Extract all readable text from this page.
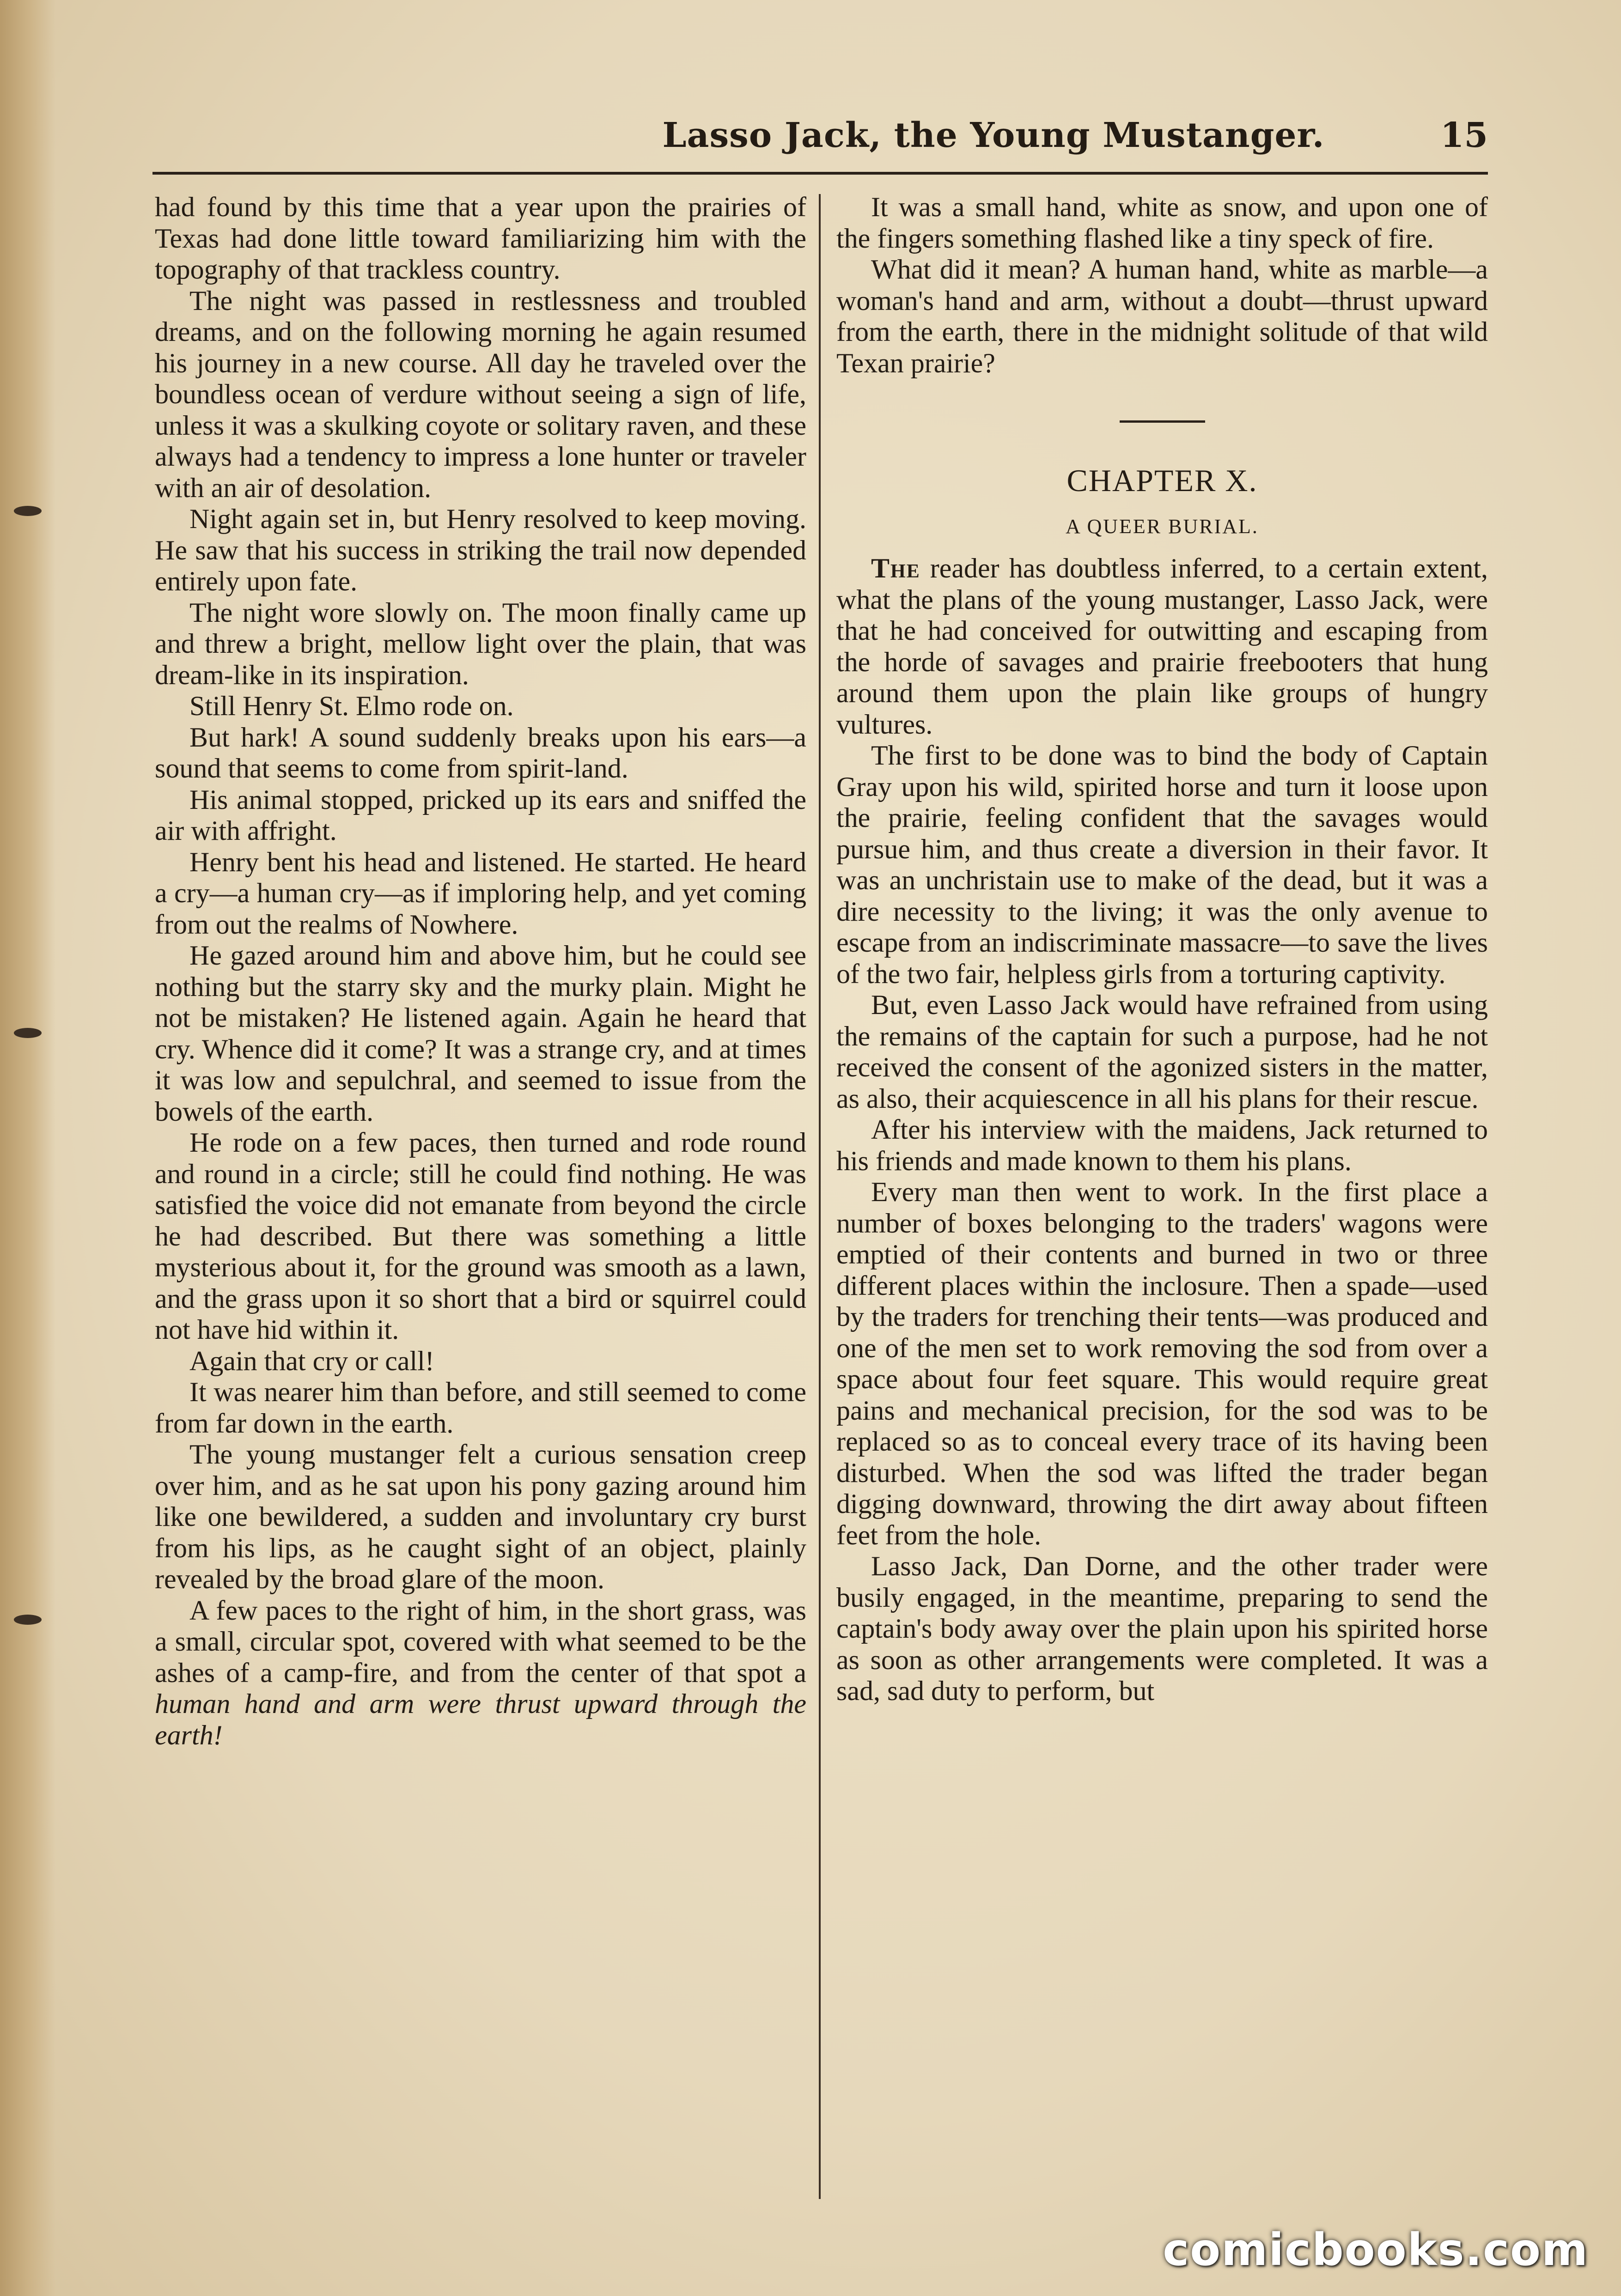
Lasso Jack, the Young Mustanger.	15

had found by this time that a year upon the prairies of Texas had done little toward familiarizing him with the topography of that trackless country.

The night was passed in restlessness and troubled dreams, and on the following morning he again resumed his journey in a new course. All day he traveled over the boundless ocean of verdure without seeing a sign of life, unless it was a skulking coyote or solitary raven, and these always had a tendency to impress a lone hunter or traveler with an air of desolation.

Night again set in, but Henry resolved to keep moving. He saw that his success in striking the trail now depended entirely upon fate.

The night wore slowly on. The moon finally came up and threw a bright, mellow light over the plain, that was dream-like in its inspiration.

Still Henry St. Elmo rode on.

But hark! A sound suddenly breaks upon his ears—a sound that seems to come from spirit-land.

His animal stopped, pricked up its ears and sniffed the air with affright.

Henry bent his head and listened. He started. He heard a cry—a human cry—as if imploring help, and yet coming from out the realms of Nowhere.

He gazed around him and above him, but he could see nothing but the starry sky and the murky plain. Might he not be mistaken? He listened again. Again he heard that cry. Whence did it come? It was a strange cry, and at times it was low and sepulchral, and seemed to issue from the bowels of the earth.

He rode on a few paces, then turned and rode round and round in a circle; still he could find nothing. He was satisfied the voice did not emanate from beyond the circle he had described. But there was something a little mysterious about it, for the ground was smooth as a lawn, and the grass upon it so short that a bird or squirrel could not have hid within it.

Again that cry or call!

It was nearer him than before, and still seemed to come from far down in the earth.

The young mustanger felt a curious sensation creep over him, and as he sat upon his pony gazing around him like one bewildered, a sudden and involuntary cry burst from his lips, as he caught sight of an object, plainly revealed by the broad glare of the moon.

A few paces to the right of him, in the short grass, was a small, circular spot, covered with what seemed to be the ashes of a camp-fire, and from the center of that spot a human hand and arm were thrust upward through the earth!

It was a small hand, white as snow, and upon one of the fingers something flashed like a tiny speck of fire.

What did it mean? A human hand, white as marble—a woman's hand and arm, without a doubt—thrust upward from the earth, there in the midnight solitude of that wild Texan prairie?

CHAPTER X.

A QUEER BURIAL.

The reader has doubtless inferred, to a certain extent, what the plans of the young mustanger, Lasso Jack, were that he had conceived for outwitting and escaping from the horde of savages and prairie freebooters that hung around them upon the plain like groups of hungry vultures.

The first to be done was to bind the body of Captain Gray upon his wild, spirited horse and turn it loose upon the prairie, feeling confident that the savages would pursue him, and thus create a diversion in their favor. It was an unchristain use to make of the dead, but it was a dire necessity to the living; it was the only avenue to escape from an indiscriminate massacre—to save the lives of the two fair, helpless girls from a torturing captivity.

But, even Lasso Jack would have refrained from using the remains of the captain for such a purpose, had he not received the consent of the agonized sisters in the matter, as also, their acquiescence in all his plans for their rescue.

After his interview with the maidens, Jack returned to his friends and made known to them his plans.

Every man then went to work. In the first place a number of boxes belonging to the traders' wagons were emptied of their contents and burned in two or three different places within the inclosure. Then a spade—used by the traders for trenching their tents—was produced and one of the men set to work removing the sod from over a space about four feet square. This would require great pains and mechanical precision, for the sod was to be replaced so as to conceal every trace of its having been disturbed. When the sod was lifted the trader began digging downward, throwing the dirt away about fifteen feet from the hole.

Lasso Jack, Dan Dorne, and the other trader were busily engaged, in the meantime, preparing to send the captain's body away over the plain upon his spirited horse as soon as other arrangements were completed. It was a sad, sad duty to perform, but

comicbooks.com
